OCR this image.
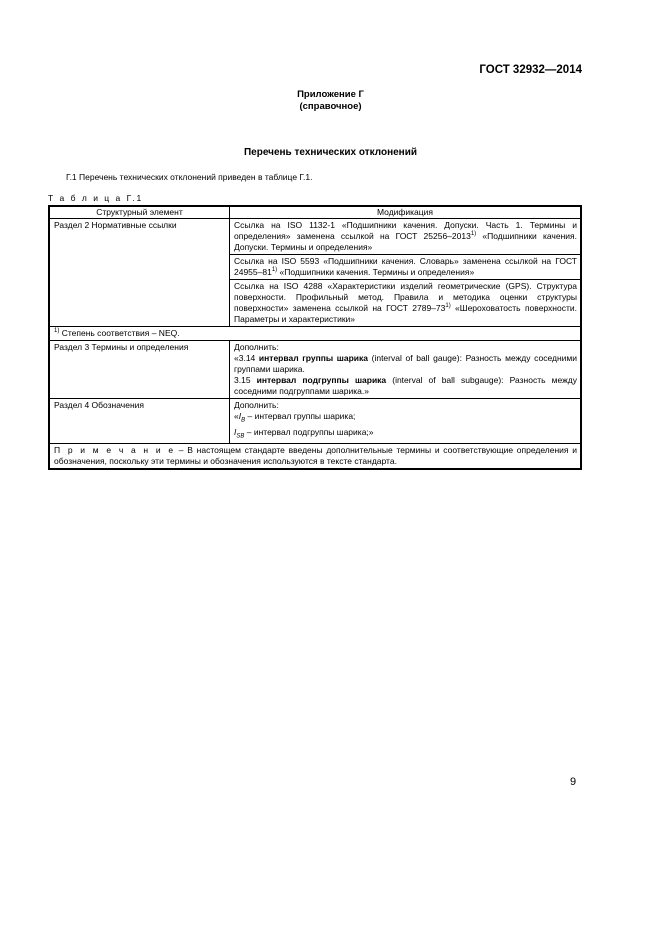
ГОСТ 32932—2014
Приложение Г
(справочное)
Перечень технических отклонений
Г.1 Перечень технических отклонений приведен в таблице Г.1.
Т а б л и ц а Г.1
Структурный элемент	Модификация
Раздел 2 Нормативные ссылки	Ссылка на ISO 1132-1 «Подшипники качения. Допуски. Часть 1. Термины и определения» заменена ссылкой на ГОСТ 25256–2013$^{1)}$ «Подшипники качения. Допуски. Термины и определения»
	Ссылка на ISO 5593 «Подшипники качения. Словарь» заменена ссылкой на ГОСТ 24955–81$^{1)}$ «Подшипники качения. Термины и определения»
	Ссылка на ISO 4288 «Характеристики изделий геометрические (GPS). Структура поверхности. Профильный метод. Правила и методика оценки структуры поверхности» заменена ссылкой на ГОСТ 2789–73$^{1)}$ «Шероховатость поверхности. Параметры и характеристики»
$^{1)}$ Степень соответствия – NEQ.	
Раздел 3 Термины и определения	Дополнить:
«3.14 интервал группы шарика (interval of ball gauge): Разность между соседними группами шарика.
3.15 интервал подгруппы шарика (interval of ball subgauge): Разность между соседними подгруппами шарика.»

Раздел 4 Обозначения	Дополнить:
«$I_B$ – интервал группы шарика;
$I_{SB}$ – интервал подгруппы шарика;»

П р и м е ч а н и е – В настоящем стандарте введены дополнительные термины и соответствующие определения и обозначения, поскольку эти термины и обозначения используются в тексте стандарта.	
9
